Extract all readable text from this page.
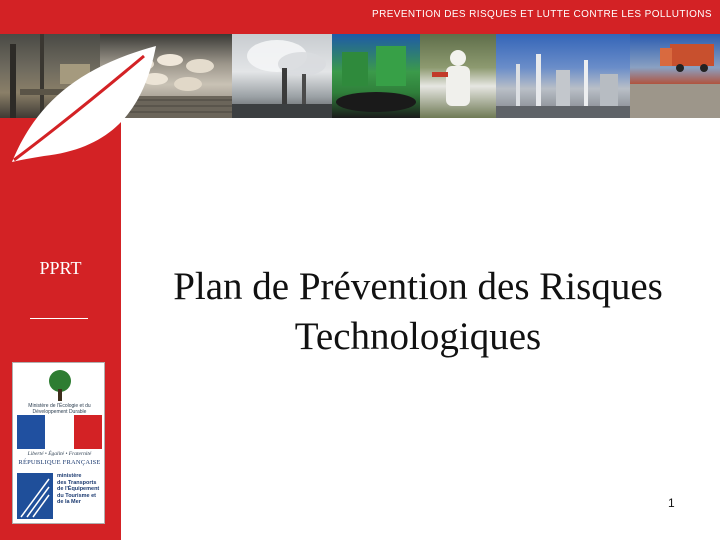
PREVENTION DES RISQUES ET LUTTE CONTRE LES POLLUTIONS
PPRT
Ministère de l'Écologie et du Développement Durable
Liberté • Égalité • Fraternité
RÉPUBLIQUE FRANÇAISE
ministère
des Transports
de l'Équipement
du Tourisme et
de la Mer
Plan de Prévention des Risques
Technologiques
1
